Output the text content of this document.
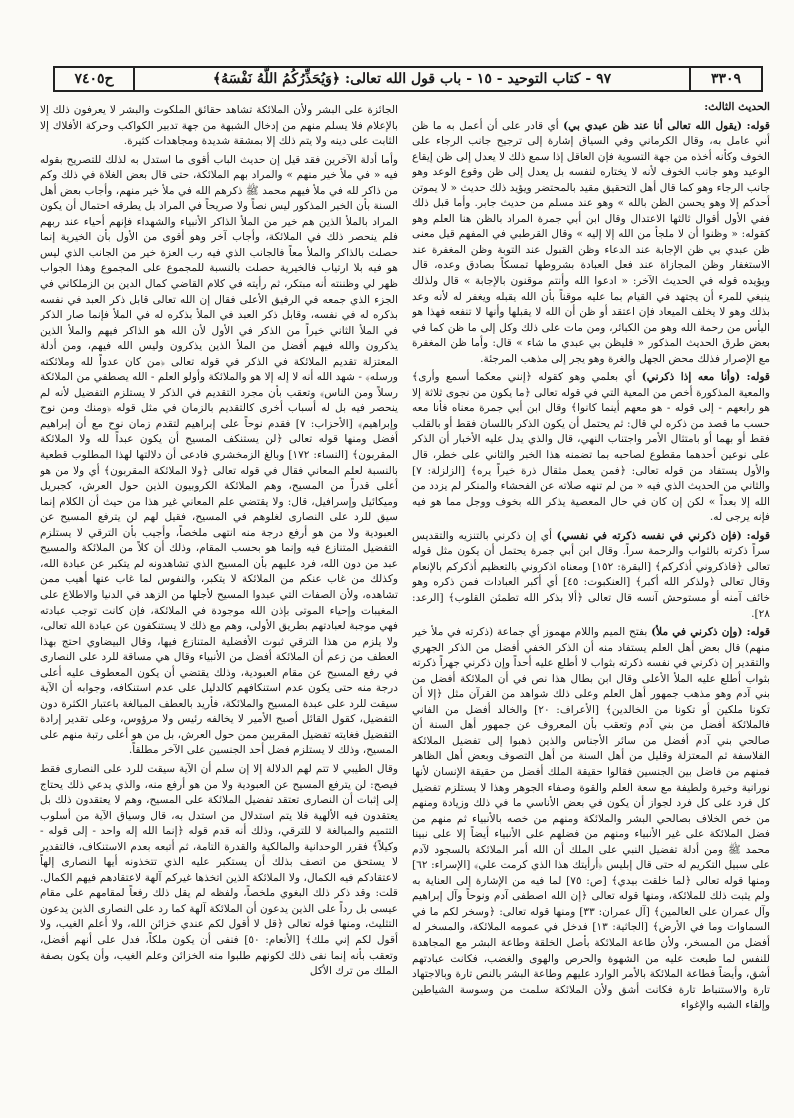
٣٣٠٩
٩٧ - كتاب التوحيد - ١٥ - باب قول الله تعالى: ﴿وَيُحَذِّرُكُمُ اللَّهُ نَفْسَهُ﴾
ح٧٤٠٥

الحديث الثالث:

قوله: (يقول الله تعالى أنا عند ظن عبدي بي) أي قادر على أن أعمل به ما ظن أني عامل به، وقال الكرماني وفي السياق إشارة إلى ترجيح جانب الرجاء على الخوف وكأنه أخذه من جهة التسوية فإن العاقل إذا سمع ذلك لا يعدل إلى ظن إيقاع الوعيد وهو جانب الخوف لأنه لا يختاره لنفسه بل يعدل إلى ظن وقوع الوعد وهو جانب الرجاء وهو كما قال أهل التحقيق مقيد بالمحتضر ويؤيد ذلك حديث « لا يموتن أحدكم إلا وهو يحسن الظن بالله » وهو عند مسلم من حديث جابر. وأما قبل ذلك ففي الأول أقوال ثالثها الاعتدال وقال ابن أبي جمرة المراد بالظن هنا العلم وهو كقوله: « وظنوا أن لا ملجأ من الله إلا إليه » وقال القرطبي في المفهم قيل معنى ظن عبدي بي ظن الإجابة عند الدعاء وظن القبول عند التوبة وظن المغفرة عند الاستغفار وظن المجازاة عند فعل العبادة بشروطها تمسكاً بصادق وعده، قال ويؤيده قوله في الحديث الآخر: « ادعوا الله وأنتم موقنون بالإجابة » قال ولذلك ينبغي للمرء أن يجتهد في القيام بما عليه موقناً بأن الله يقبله ويغفر له لأنه وعد بذلك وهو لا يخلف الميعاد فإن اعتقد أو ظن أن الله لا يقبلها وأنها لا تنفعه فهذا هو اليأس من رحمة الله وهو من الكبائر، ومن مات على ذلك وكل إلى ما ظن كما في بعض طرق الحديث المذكور « فليظن بي عبدي ما شاء » قال: وأما ظن المغفرة مع الإصرار فذلك محض الجهل والغرة وهو يجر إلى مذهب المرجئة.

قوله: (وأنا معه إذا ذكرني) أي بعلمي وهو كقوله ﴿إنني معكما أسمع وأرى﴾ والمعية المذكورة أخص من المعية التي في قوله تعالى ﴿ما يكون من نجوى ثلاثة إلا هو رابعهم - إلى قوله - هو معهم أينما كانوا﴾ وقال ابن أبي جمرة معناه فأنا معه حسب ما قصد من ذكره لي قال: ثم يحتمل أن يكون الذكر باللسان فقط أو بالقلب فقط أو بهما أو بامتثال الأمر واجتناب النهي، قال والذي يدل عليه الأخبار أن الذكر على نوعين أحدهما مقطوع لصاحبه بما تضمنه هذا الخبر والثاني على خطر، قال والأول يستفاد من قوله تعالى: ﴿فمن يعمل مثقال ذرة خيراً يره﴾ [الزلزلة: ٧] والثاني من الحديث الذي فيه « من لم تنهه صلاته عن الفحشاء والمنكر لم يزدد من الله إلا بعداً » لكن إن كان في حال المعصية يذكر الله بخوف ووجل مما هو فيه فإنه يرجى له.

قوله: (فإن ذكرني في نفسه ذكرته في نفسي) أي إن ذكرني بالتنزيه والتقديس سراً ذكرته بالثواب والرحمة سراً. وقال ابن أبي جمرة يحتمل أن يكون مثل قوله تعالى ﴿فاذكروني أذكركم﴾ [البقرة: ١٥٢] ومعناه اذكروني بالتعظيم أذكركم بالإنعام وقال تعالى ﴿ولذكر الله أكبر﴾ [العنكبوت: ٤٥] أي أكبر العبادات فمن ذكره وهو خائف آمنه أو مستوحش آنسه قال تعالى ﴿ألا بذكر الله تطمئن القلوب﴾ [الرعد: ٢٨].

قوله: (وإن ذكرني في ملأ) بفتح الميم واللام مهموز أي جماعة (ذكرته في ملأ خير منهم) قال بعض أهل العلم يستفاد منه أن الذكر الخفي أفضل من الذكر الجهري والتقدير إن ذكرني في نفسه ذكرته بثواب لا أطلع عليه أحداً وإن ذكرني جهراً ذكرته بثواب أطلع عليه الملأ الأعلى وقال ابن بطال هذا نص في أن الملائكة أفضل من بني آدم وهو مذهب جمهور أهل العلم وعلى ذلك شواهد من القرآن مثل ﴿إلا أن تكونا ملكين أو تكونا من الخالدين﴾ [الأعراف: ٢٠] والخالد أفضل من الفاني فالملائكة أفضل من بني آدم وتعقب بأن المعروف عن جمهور أهل السنة أن صالحي بني آدم أفضل من سائر الأجناس والذين ذهبوا إلى تفضيل الملائكة الفلاسفة ثم المعتزلة وقليل من أهل السنة من أهل التصوف وبعض أهل الظاهر فمنهم من فاضل بين الجنسين فقالوا حقيقة الملك أفضل من حقيقة الإنسان لأنها نورانية وخيرة ولطيفة مع سعة العلم والقوة وصفاء الجوهر وهذا لا يستلزم تفضيل كل فرد على كل فرد لجواز أن يكون في بعض الأناسي ما في ذلك وزيادة ومنهم من خص الخلاف بصالحي البشر والملائكة ومنهم من خصه بالأنبياء ثم منهم من فضل الملائكة على غير الأنبياء ومنهم من فضلهم على الأنبياء أيضاً إلا على نبينا محمد ﷺ ومن أدلة تفضيل النبي على الملك أن الله أمر الملائكة بالسجود لآدم على سبيل التكريم له حتى قال إبليس ﴿أرأيتك هذا الذي كرمت علي﴾ [الإسراء: ٦٢] ومنها قوله تعالى ﴿لما خلقت بيدي﴾ [ص: ٧٥] لما فيه من الإشارة إلى العناية به ولم يثبت ذلك للملائكة، ومنها قوله تعالى ﴿إن الله اصطفى آدم ونوحاً وآل إبراهيم وآل عمران على العالمين﴾ [آل عمران: ٣٣] ومنها قوله تعالى: ﴿وسخر لكم ما في السماوات وما في الأرض﴾ [الجاثية: ١٣] فدخل في عمومه الملائكة، والمسخر له أفضل من المسخر، ولأن طاعة الملائكة بأصل الخلقة وطاعة البشر مع المجاهدة للنفس لما طبعت عليه من الشهوة والحرص والهوى والغضب، فكانت عبادتهم أشق، وأيضاً فطاعة الملائكة بالأمر الوارد عليهم وطاعة البشر بالنص تارة وبالاجتهاد تارة والاستنباط تارة فكانت أشق ولأن الملائكة سلمت من وسوسة الشياطين وإلقاء الشبه والإغواء

الجائزة على البشر ولأن الملائكة تشاهد حقائق الملكوت والبشر لا يعرفون ذلك إلا بالإعلام فلا يسلم منهم من إدخال الشبهة من جهة تدبير الكواكب وحركة الأفلاك إلا الثابت على دينه ولا يتم ذلك إلا بمشقة شديدة ومجاهدات كثيرة.

وأما أدلة الآخرين فقد قيل إن حديث الباب أقوى ما استدل به لذلك للتصريح بقوله فيه « في ملأ خير منهم » والمراد بهم الملائكة، حتى قال بعض الغلاة في ذلك وكم من ذاكر لله في ملأ فيهم محمد ﷺ ذكرهم الله في ملأ خير منهم، وأجاب بعض أهل السنة بأن الخبر المذكور ليس نصاً ولا صريحاً في المراد بل يطرقه احتمال أن يكون المراد بالملأ الذين هم خير من الملأ الذاكر الأنبياء والشهداء فإنهم أحياء عند ربهم فلم ينحصر ذلك في الملائكة، وأجاب آخر وهو أقوى من الأول بأن الخيرية إنما حصلت بالذاكر والملأ معاً فالجانب الذي فيه رب العزة خير من الجانب الذي ليس هو فيه بلا ارتياب فالخيرية حصلت بالنسبة للمجموع على المجموع وهذا الجواب ظهر لي وظننته أنه مبتكر، ثم رأيته في كلام القاضي كمال الدين بن الزملكاني في الجزء الذي جمعه في الرفيق الأعلى فقال إن الله تعالى قابل ذكر العبد في نفسه بذكره له في نفسه، وقابل ذكر العبد في الملأ بذكره له في الملأ فإنما صار الذكر في الملأ الثاني خيراً من الذكر في الأول لأن الله هو الذاكر فيهم والملأ الذين يذكرون والله فيهم أفضل من الملأ الذين يذكرون وليس الله فيهم، ومن أدلة المعتزلة تقديم الملائكة في الذكر في قوله تعالى ﴿من كان عدواً لله وملائكته ورسله﴾ - شهد الله أنه لا إله إلا هو والملائكة وأولو العلم - الله يصطفي من الملائكة رسلاً ومن الناس﴾ وتعقب بأن مجرد التقديم في الذكر لا يستلزم التفضيل لأنه لم ينحصر فيه بل له أسباب أخرى كالتقديم بالزمان في مثل قوله ﴿ومنك ومن نوح وإبراهيم﴾ [الأحزاب: ٧] فقدم نوحاً على إبراهيم لتقدم زمان نوح مع أن إبراهيم أفضل ومنها قوله تعالى ﴿لن يستنكف المسيح أن يكون عبداً لله ولا الملائكة المقربون﴾ [النساء: ١٧٢] وبالغ الزمخشري فادعى أن دلالتها لهذا المطلوب قطعية بالنسبة لعلم المعاني فقال في قوله تعالى ﴿ولا الملائكة المقربون﴾ أي ولا من هو أعلى قدراً من المسيح، وهم الملائكة الكروبيون الذين حول العرش، كجبريل وميكائيل وإسرافيل، قال: ولا يقتضي علم المعاني غير هذا من حيث أن الكلام إنما سيق للرد على النصارى لغلوهم في المسيح، فقيل لهم لن يترفع المسيح عن العبودية ولا من هو أرفع درجة منه انتهى ملخصاً، وأجيب بأن الترقي لا يستلزم التفضيل المتنازع فيه وإنما هو بحسب المقام، وذلك أن كلاً من الملائكة والمسيح عبد من دون الله، فرد عليهم بأن المسيح الذي تشاهدونه لم يتكبر عن عبادة الله، وكذلك من غاب عنكم من الملائكة لا يتكبر، والنفوس لما غاب عنها أهيب ممن تشاهده، ولأن الصفات التي عبدوا المسيح لأجلها من الزهد في الدنيا والاطلاع على المغيبات وإحياء الموتى بإذن الله موجودة في الملائكة، فإن كانت توجب عبادته فهي موجبة لعبادتهم بطريق الأولى، وهم مع ذلك لا يستنكفون عن عبادة الله تعالى، ولا يلزم من هذا الترقي ثبوت الأفضلية المتنازع فيها، وقال البيضاوي احتج بهذا العطف من زعم أن الملائكة أفضل من الأنبياء وقال هي مساقة للرد على النصارى في رفع المسيح عن مقام العبودية، وذلك يقتضي أن يكون المعطوف عليه أعلى درجة منه حتى يكون عدم استنكافهم كالدليل على عدم استنكافه، وجوابه أن الآية سيقت للرد على عبدة المسيح والملائكة، فأريد بالعطف المبالغة باعتبار الكثرة دون التفضيل، كقول القائل أصبح الأمير لا يخالفه رئيس ولا مرؤوس، وعلى تقدير إرادة التفضيل فغايته تفضيل المقربين ممن حول العرش، بل من هو أعلى رتبة منهم على المسيح، وذلك لا يستلزم فضل أحد الجنسين على الآخر مطلقاً.

وقال الطيبي لا تتم لهم الدلالة إلا إن سلم أن الآية سيقت للرد على النصارى فقط فيصح: لن يترفع المسيح عن العبودية ولا من هو أرفع منه، والذي يدعي ذلك يحتاج إلى إثبات أن النصارى تعتقد تفضيل الملائكة على المسيح، وهم لا يعتقدون ذلك بل يعتقدون فيه الألهية فلا يتم استدلال من استدل به، قال وسياق الآية من أسلوب التتميم والمبالغة لا للترقي، وذلك أنه قدم قوله ﴿إنما الله إله واحد - إلى قوله - وكيلاً﴾ فقرر الوحدانية والمالكية والقدرة التامة، ثم أتبعه بعدم الاستنكاف، فالتقدير لا يستحق من اتصف بذلك أن يستكبر عليه الذي تتخذونه أيها النصارى إلهاً لاعتقادكم فيه الكمال، ولا الملائكة الذين اتخذها غيركم آلهة لاعتقادهم فيهم الكمال. قلت: وقد ذكر ذلك البغوي ملخصاً، ولفظه لم يقل ذلك رفعاً لمقامهم على مقام عيسى بل رداً على الذين يدعون أن الملائكة آلهة كما رد على النصارى الذين يدعون التثليث، ومنها قوله تعالى ﴿قل لا أقول لكم عندي خزائن الله، ولا أعلم الغيب، ولا أقول لكم إني ملك﴾ [الأنعام: ٥٠] فنفى أن يكون ملكاً، فدل على أنهم أفضل، وتعقب بأنه إنما نفى ذلك لكونهم طلبوا منه الخزائن وعلم الغيب، وأن يكون بصفة الملك من ترك الأكل
